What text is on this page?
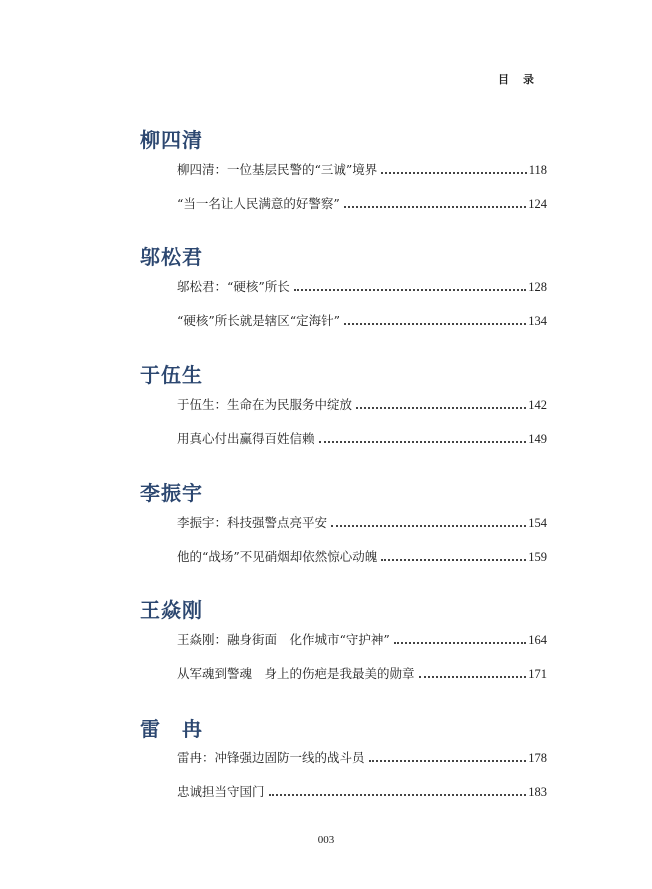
目录
柳四清
柳四清：一位基层民警的“三诚”境界	118
“当一名让人民满意的好警察”	124
邬松君
邬松君：“硬核”所长	128
“硬核”所长就是辖区“定海针”	134
于伍生
于伍生：生命在为民服务中绽放	142
用真心付出赢得百姓信赖	149
李振宇
李振宇：科技强警点亮平安	154
他的“战场”不见硝烟却依然惊心动魄	159
王焱刚
王焱刚：融身街面　化作城市“守护神”	164
从军魂到警魂　身上的伤疤是我最美的勋章	171
雷　冉
雷冉：冲锋强边固防一线的战斗员	178
忠诚担当守国门	183
003
